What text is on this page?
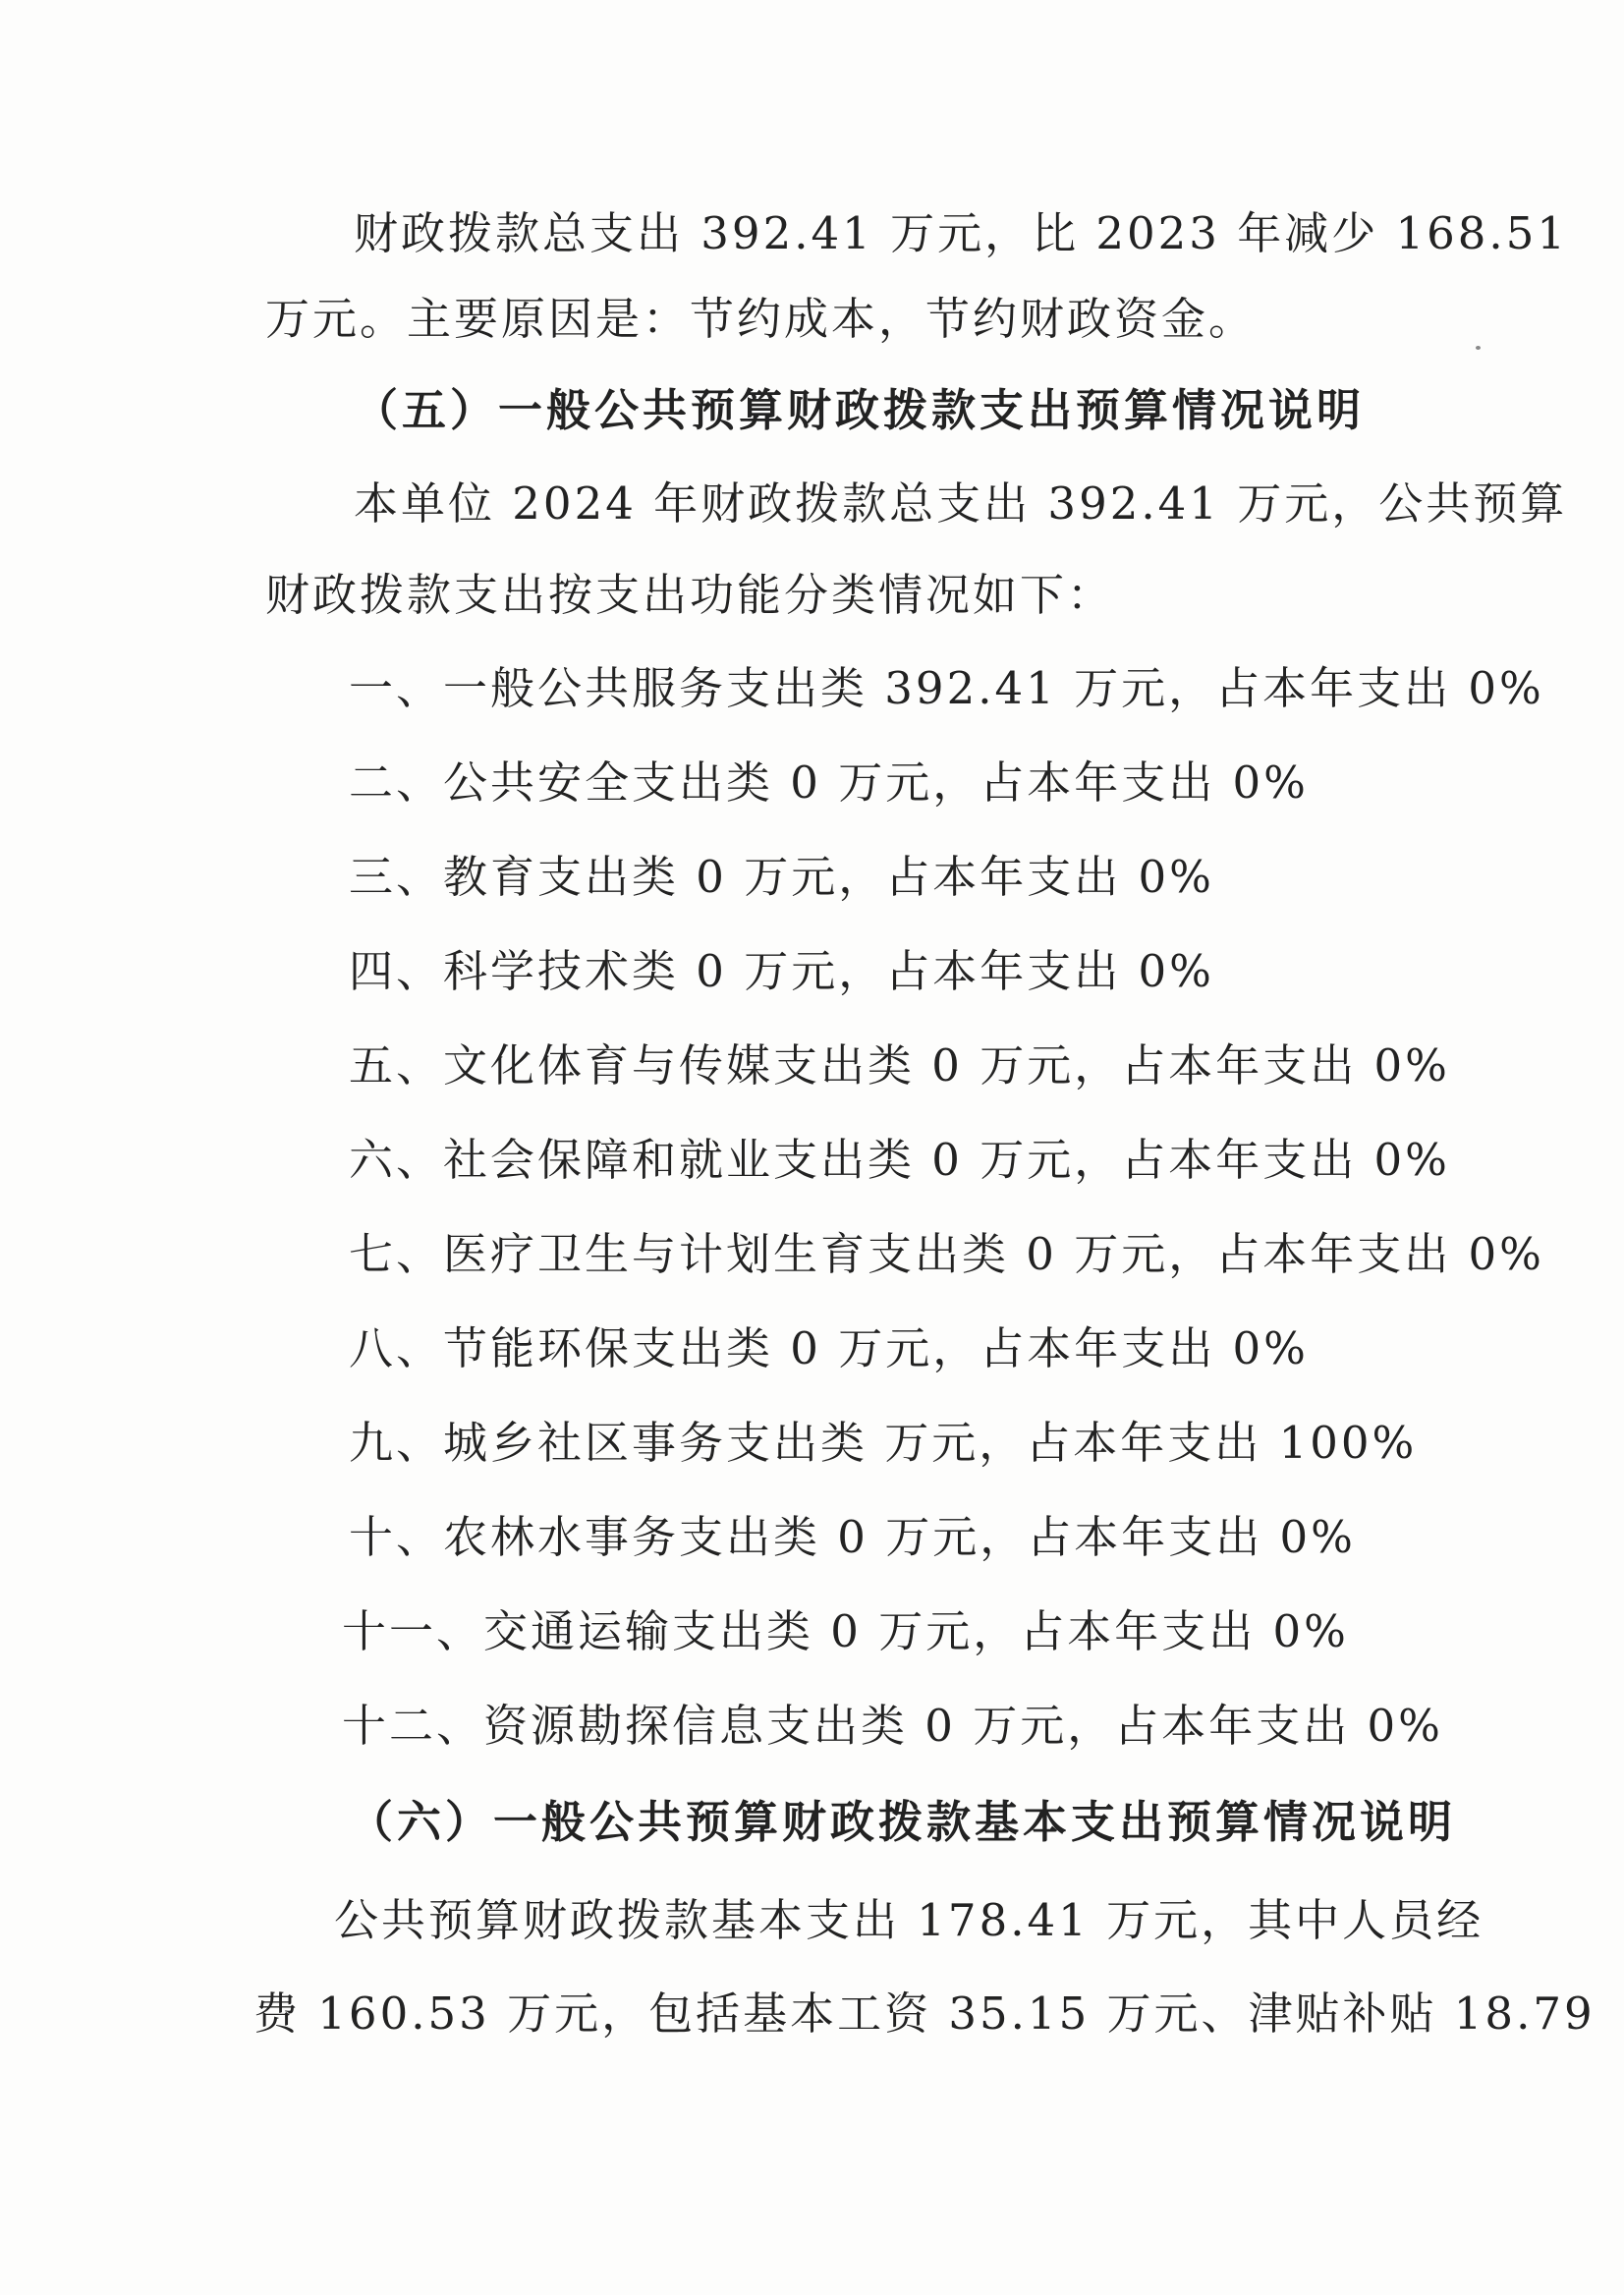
财政拨款总支出 392.41 万元，比 2023 年减少 168.51
万元。主要原因是：节约成本，节约财政资金。
（五）一般公共预算财政拨款支出预算情况说明
本单位 2024 年财政拨款总支出 392.41 万元，公共预算
财政拨款支出按支出功能分类情况如下：
一、一般公共服务支出类 392.41 万元，占本年支出 0%
二、公共安全支出类 0 万元，占本年支出 0%
三、教育支出类 0 万元，占本年支出 0%
四、科学技术类 0 万元，占本年支出 0%
五、文化体育与传媒支出类 0 万元，占本年支出 0%
六、社会保障和就业支出类 0 万元，占本年支出 0%
七、医疗卫生与计划生育支出类 0 万元，占本年支出 0%
八、节能环保支出类 0 万元，占本年支出 0%
九、城乡社区事务支出类 万元，占本年支出 100%
十、农林水事务支出类 0 万元，占本年支出 0%
十一、交通运输支出类 0 万元，占本年支出 0%
十二、资源勘探信息支出类 0 万元，占本年支出 0%
（六）一般公共预算财政拨款基本支出预算情况说明
公共预算财政拨款基本支出 178.41 万元，其中人员经
费 160.53 万元，包括基本工资 35.15 万元、津贴补贴 18.79
